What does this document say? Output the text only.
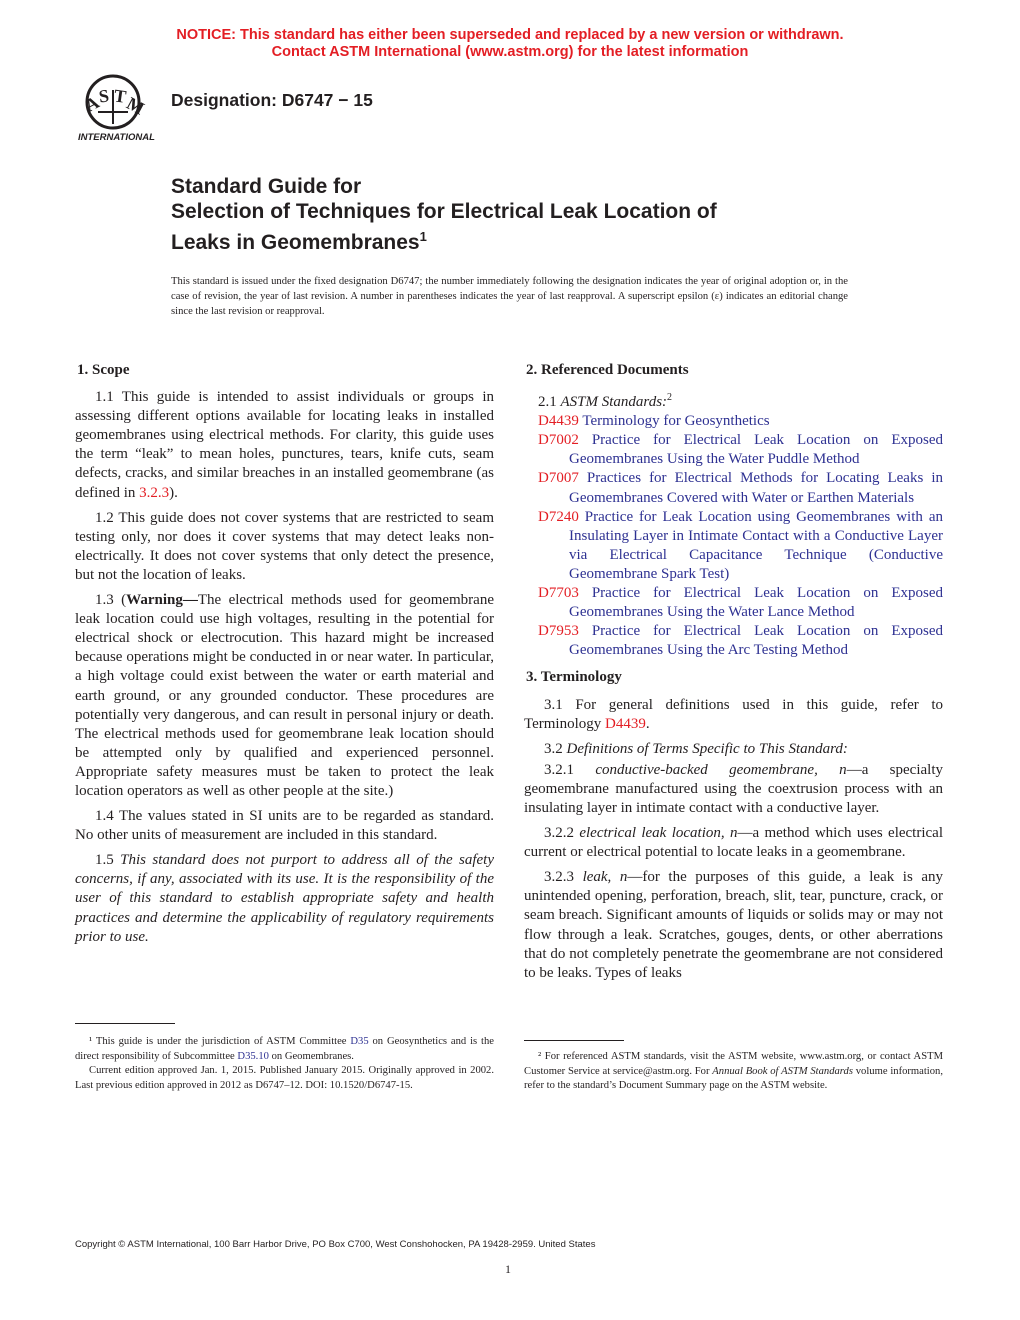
NOTICE: This standard has either been superseded and replaced by a new version or withdrawn.
Contact ASTM International (www.astm.org) for the latest information
A
S T
M
INTERNATIONAL
Designation: D6747 − 15
Standard Guide for
Selection of Techniques for Electrical Leak Location of
Leaks in Geomembranes$^1$
This standard is issued under the fixed designation D6747; the number immediately following the designation indicates the year of original adoption or, in the case of revision, the year of last revision. A number in parentheses indicates the year of last reapproval. A superscript epsilon (ε) indicates an editorial change since the last revision or reapproval.
1. Scope

1.1 This guide is intended to assist individuals or groups in assessing different options available for locating leaks in installed geomembranes using electrical methods. For clarity, this guide uses the term “leak” to mean holes, punctures, tears, knife cuts, seam defects, cracks, and similar breaches in an installed geomembrane (as defined in 3.2.3).

1.2 This guide does not cover systems that are restricted to seam testing only, nor does it cover systems that may detect leaks non-electrically. It does not cover systems that only detect the presence, but not the location of leaks.

1.3 (Warning—The electrical methods used for geomembrane leak location could use high voltages, resulting in the potential for electrical shock or electrocution. This hazard might be increased because operations might be conducted in or near water. In particular, a high voltage could exist between the water or earth material and earth ground, or any grounded conductor. These procedures are potentially very dangerous, and can result in personal injury or death. The electrical methods used for geomembrane leak location should be attempted only by qualified and experienced personnel. Appropriate safety measures must be taken to protect the leak location operators as well as other people at the site.)

1.4 The values stated in SI units are to be regarded as standard. No other units of measurement are included in this standard.

1.5 This standard does not purport to address all of the safety concerns, if any, associated with its use. It is the responsibility of the user of this standard to establish appropriate safety and health practices and determine the applicability of regulatory requirements prior to use.

¹ This guide is under the jurisdiction of ASTM Committee D35 on Geosynthetics and is the direct responsibility of Subcommittee D35.10 on Geomembranes.

Current edition approved Jan. 1, 2015. Published January 2015. Originally approved in 2002. Last previous edition approved in 2012 as D6747–12. DOI: 10.1520/D6747-15.

2. Referenced Documents

2.1 ASTM Standards:$^2$

D4439 Terminology for Geosynthetics
D7002 Practice for Electrical Leak Location on Exposed Geomembranes Using the Water Puddle Method
D7007 Practices for Electrical Methods for Locating Leaks in Geomembranes Covered with Water or Earthen Materials
D7240 Practice for Leak Location using Geomembranes with an Insulating Layer in Intimate Contact with a Conductive Layer via Electrical Capacitance Technique (Conductive Geomembrane Spark Test)
D7703 Practice for Electrical Leak Location on Exposed Geomembranes Using the Water Lance Method
D7953 Practice for Electrical Leak Location on Exposed Geomembranes Using the Arc Testing Method
3. Terminology

3.1 For general definitions used in this guide, refer to Terminology D4439.

3.2 Definitions of Terms Specific to This Standard:

3.2.1 conductive-backed geomembrane, n—a specialty geomembrane manufactured using the coextrusion process with an insulating layer in intimate contact with a conductive layer.

3.2.2 electrical leak location, n—a method which uses electrical current or electrical potential to locate leaks in a geomembrane.

3.2.3 leak, n—for the purposes of this guide, a leak is any unintended opening, perforation, breach, slit, tear, puncture, crack, or seam breach. Significant amounts of liquids or solids may or may not flow through a leak. Scratches, gouges, dents, or other aberrations that do not completely penetrate the geomembrane are not considered to be leaks. Types of leaks

² For referenced ASTM standards, visit the ASTM website, www.astm.org, or contact ASTM Customer Service at service@astm.org. For Annual Book of ASTM Standards volume information, refer to the standard’s Document Summary page on the ASTM website.

Copyright © ASTM International, 100 Barr Harbor Drive, PO Box C700, West Conshohocken, PA 19428-2959. United States
1
